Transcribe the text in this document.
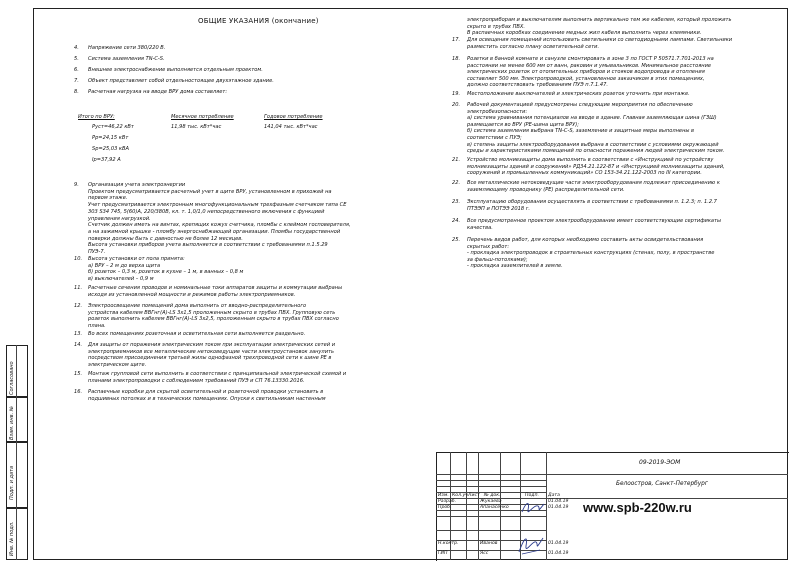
Согласовано
Взам. инв. №
Подп. и дата
Инв. № подл.
ОБЩИЕ УКАЗАНИЯ (окончание)
4. Напряжение сети 380/220 В.
5. Система заземления TN-C-S.
6. Внешнее электроснабжение выполняется отдельным проектом.
7. Объект представляет собой отдельностоящее двухэтажное здание.
8. Расчетная нагрузка на вводе ВРУ дома составляет:
Итого по ВРУ:	Месячное потребление	Годовое потребление
Руст=46,22 кВт	11,98 тыс. кВт*час	141,04 тыс. кВт*час
Рр=24,15 кВт
Sp=25,03 кВА
Ip=37,92 А
9. Организация учета электроэнергии
Проектом предусматривается расчетный учет в щите ВРУ, установленном в прихожей на
первом этаже.
Учет предусматривается электронным многофункциональным трехфазным счетчиком типа CE
303 S34 745, 5(60)А, 220/380В, кл. т. 1,0/1,0 непосредственного включения с функцией
управления нагрузкой.
Счетчик должен иметь на винтах, крепящих кожух счетчика, пломбы с клеймом госповерителя,
а на зажимной крышке - пломбу энергоснабжающей организации. Пломбы государственной
поверки должны быть с давностью не более 12 месяцев.
Высота установки приборов учета выполняется в соответствии с требованиями п.1.5.29
ПУЭ-7.
10. Высота установки от пола принята:
а) ВРУ – 2 м до верха щита
б) розеток – 0,3 м, розеток в кухне – 1 м, в ванных – 0,8 м
в) выключателей – 0,9 м
11. Расчетные сечения проводов и номинальные токи аппаратов защиты и коммутации выбраны
исходя из установленной мощности и режимов работы электроприемников.
12. Электроосвещение помещений дома выполнить от вводно-распределительного
устройства кабелем ВВГнг(А)-LS 3х1,5 проложенным скрыто в трубах ПВХ. Групповую сеть
розеток выполнить кабелем ВВГнг(А)-LS 3х2,5, проложенным скрыто в трубах ПВХ согласно
плана.
13. Во всех помещениях розеточная и осветительная сети выполняется раздельно.
14. Для защиты от поражения электрическим током при эксплуатации электрических сетей и
электроприемников все металлические нетоковедущие части электроустановок занулить
посредством присоединения третьей жилы однофазной трехпроводной сети к шине РЕ в
электрическом щите.
15. Монтаж групповой сети выполнить в соответствии с принципиальной электрической схемой и
планами электропроводки с соблюдением требований ПУЭ и СП 76.13330.2016.
16. Распаечные коробки для скрытой осветительной и розеточной проводки установить в
подшивных потолках и в технических помещениях. Опуски к светильникам настенным
электроприборам и выключателям выполнить вертикально тем же кабелем, который проложить
скрыто в трубах ПВХ.
В распаечных коробках соединение медных жил кабеля выполнить через клеммники.
17. Для освещения помещений использовать светильники со светодиодными лампами. Светильники
разместить согласно плану осветительной сети.
18. Розетки в банной комнате и санузле смонтировать в зоне 3 по ГОСТ Р 50571.7.701-2013 на
расстоянии не менее 600 мм от ванн, раковин и умывальников. Минимальное расстояние
электрических розеток от отопительных приборов и стояков водопровода и отопления
составляет 500 мм. Электропроводкой, установленное заказчиком в этих помещениях,
должно соответствовать требованиям ПУЭ п.7.1.47.
19. Местоположение выключателей и электрических розеток уточнить при монтаже.
20. Рабочей документацией предусмотрены следующие мероприятия по обеспечению
электробезопасности:
а) система уравнивания потенциалов на вводе в здание. Главная заземляющая шина (ГЗШ)
размещается во ВРУ (РЕ-шина щита ВРУ);
б) система заземления выбрана TN-C-S, заземление и защитные меры выполнены в
соответствии с ПУЭ;
в) степень защиты электрооборудования выбрана в соответствии с условиями окружающей
среды и характеристиками помещений по опасности поражения людей электрическим током.
21. Устройство молниезащиты дома выполнить в соответствии с «Инструкцией по устройству
молниезащиты зданий и сооружений» РД34.21.122-87 и «Инструкцией молниезащиты зданий,
сооружений и промышленных коммуникаций» СО 153-34.21.122-2003 по III категории.
22. Все металлические нетоковедущие части электрооборудования подлежат присоединению к
заземляющему проводнику (РЕ) распределительной сети.
23. Эксплуатацию оборудования осуществлять в соответствии с требованиями п. 1.2.3; п. 1.2.7
ПТЭЭП и ПОТЭЭ 2018 г.
24. Все предусмотренное проектом электрооборудование имеет соответствующие сертификаты
качества.
25. Перечень видов работ, для которых необходимо составить акты освидетельствования
скрытых работ:
- прокладка электропроводок в строительных конструкциях (стенах, полу, в пространстве
за фальш-потолками);
- прокладка заземлителей в земле.
09-2019-ЭОМ
Белоостров, Санкт-Петербург
www.spb-220w.ru
Изм. Кол.уч Лист № док.	Подп. Дата
Разраб.	Жукаева	01.04.19
Проб.	Апанасенко	01.04.19
Н.контр.	Иванов	01.04.19
ГИП	Ясс	01.04.19
